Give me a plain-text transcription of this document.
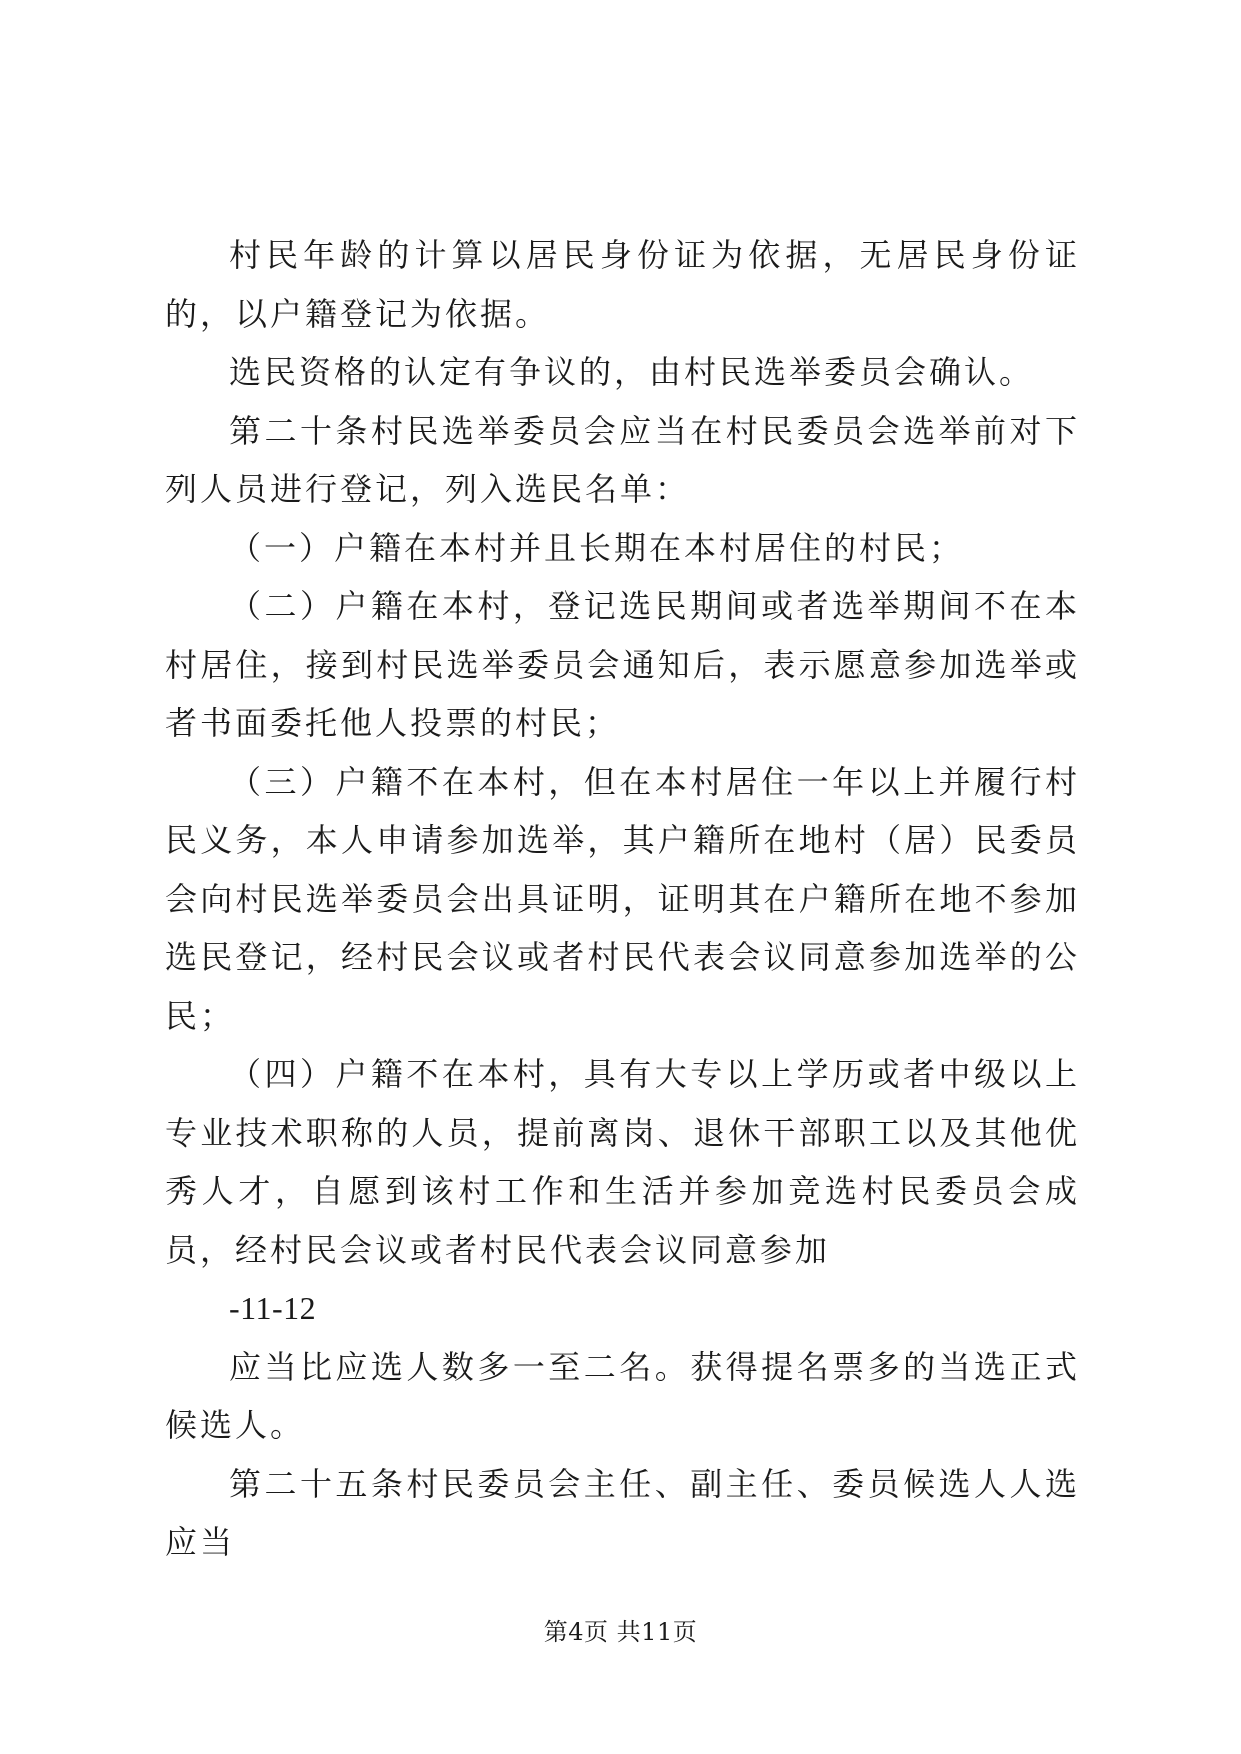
村民年龄的计算以居民身份证为依据，无居民身份证的，以户籍登记为依据。

选民资格的认定有争议的，由村民选举委员会确认。

第二十条村民选举委员会应当在村民委员会选举前对下列人员进行登记，列入选民名单：

（一）户籍在本村并且长期在本村居住的村民；

（二）户籍在本村，登记选民期间或者选举期间不在本村居住，接到村民选举委员会通知后，表示愿意参加选举或者书面委托他人投票的村民；

（三）户籍不在本村，但在本村居住一年以上并履行村民义务，本人申请参加选举，其户籍所在地村（居）民委员会向村民选举委员会出具证明，证明其在户籍所在地不参加选民登记，经村民会议或者村民代表会议同意参加选举的公民；

（四）户籍不在本村，具有大专以上学历或者中级以上专业技术职称的人员，提前离岗、退休干部职工以及其他优秀人才，自愿到该村工作和生活并参加竞选村民委员会成员，经村民会议或者村民代表会议同意参加

-11-12

应当比应选人数多一至二名。获得提名票多的当选正式候选人。

第二十五条村民委员会主任、副主任、委员候选人人选应当

第4页 共11页
